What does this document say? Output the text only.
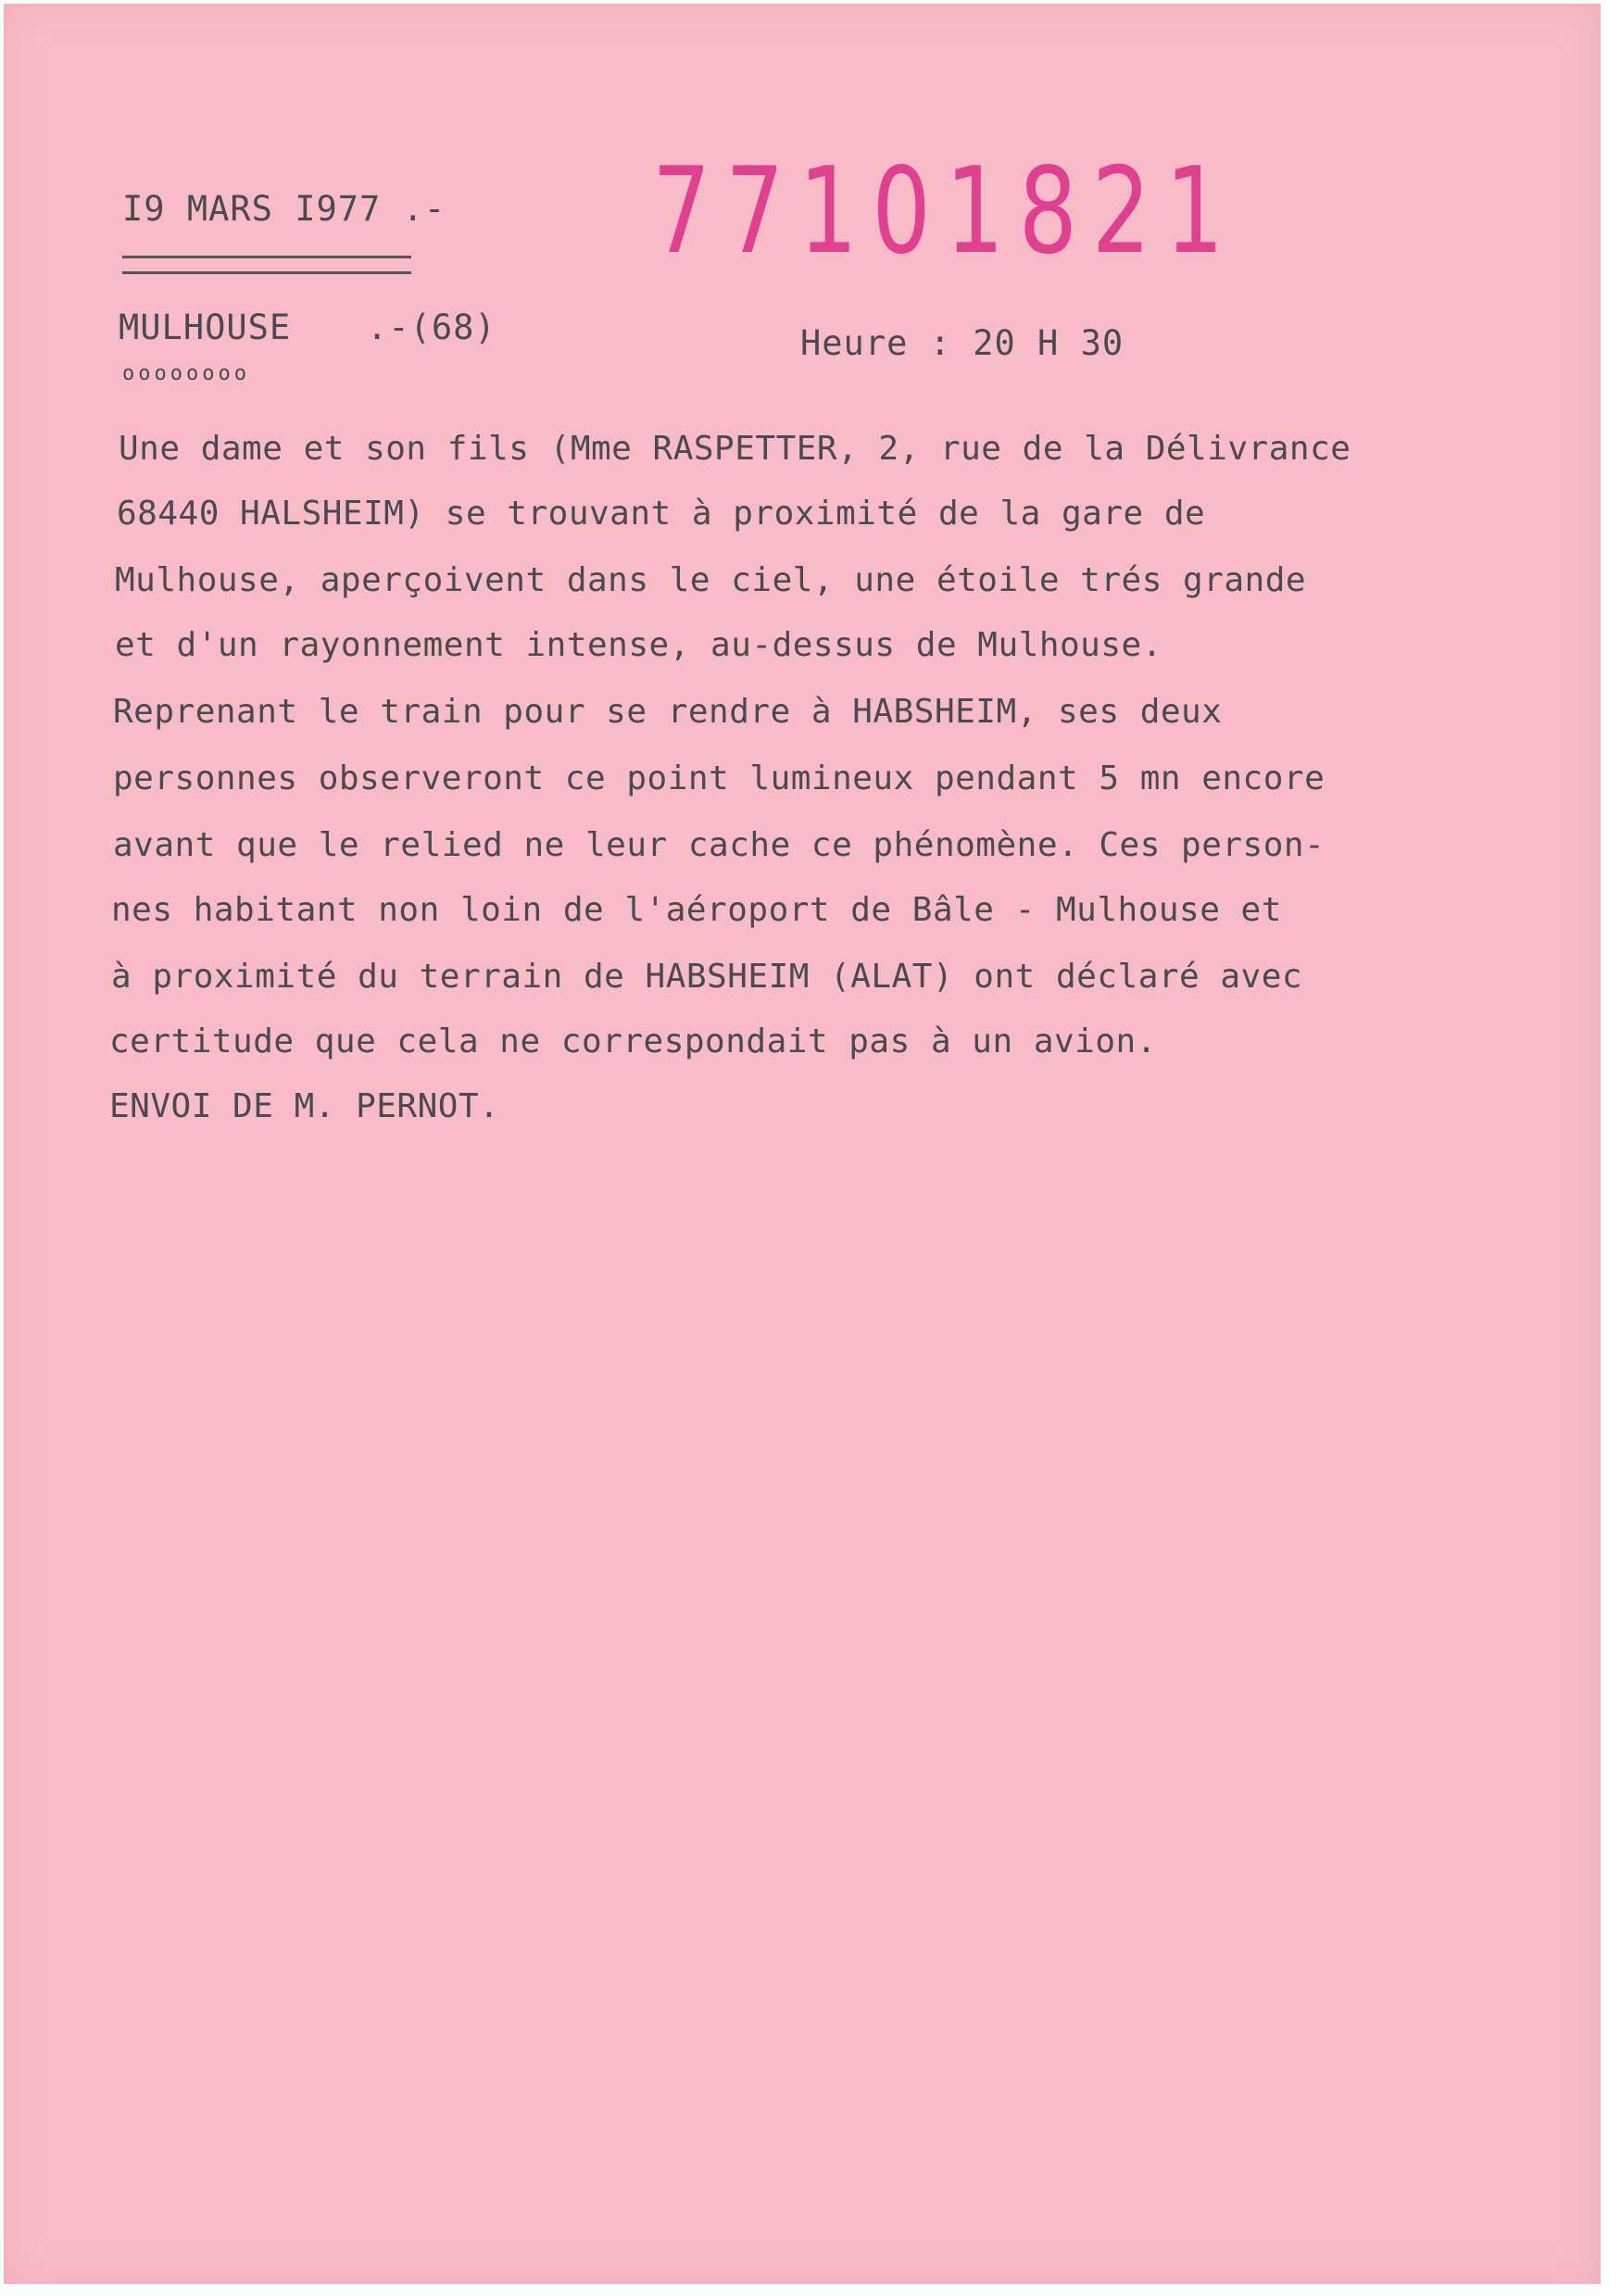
I9 MARS I977 .- 77101821
MULHOUSE
oooooooo
.-(68)	Heure : 20 H 30
Une dame et son fils (Mme RASPETTER, 2, rue de la Délivrance
68440 HALSHEIM) se trouvant à proximité de la gare de
Mulhouse, aperçoivent dans le ciel, une étoile trés grande
et d'un rayonnement intense, au-dessus de Mulhouse.
Reprenant le train pour se rendre à HABSHEIM, ses deux
personnes observeront ce point lumineux pendant 5 mn encore
avant que le relied ne leur cache ce phénomène. Ces person-
nes habitant non loin de l'aéroport de Bâle - Mulhouse et
à proximité du terrain de HABSHEIM (ALAT) ont déclaré avec
certitude que cela ne correspondait pas à un avion.
ENVOI DE M. PERNOT.
